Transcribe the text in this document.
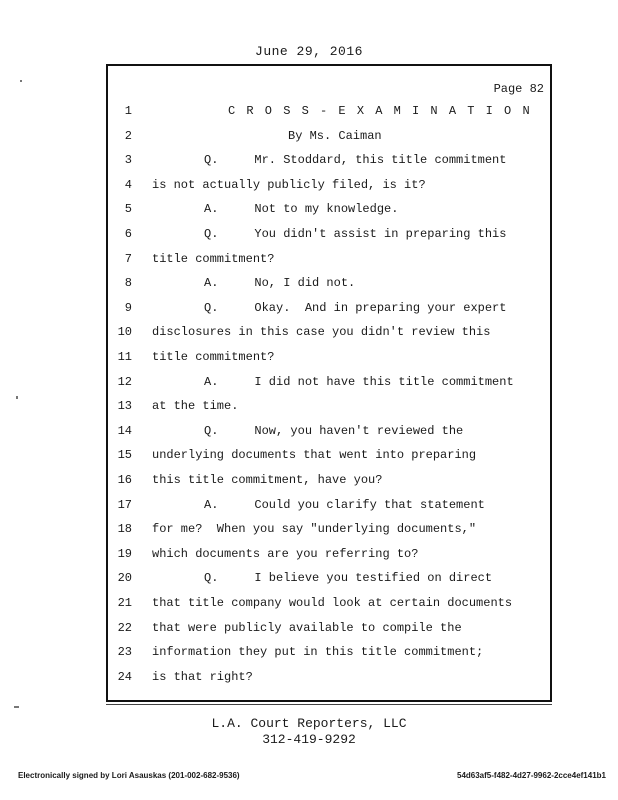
June 29, 2016
Page 82
1	C R O S S - E X A M I N A T I O N
2	By Ms. Caiman
3	Q.     Mr. Stoddard, this title commitment
4 is not actually publicly filed, is it?
5	A.     Not to my knowledge.
6	Q.     You didn't assist in preparing this
7 title commitment?
8	A.     No, I did not.
9	Q.     Okay.  And in preparing your expert
10 disclosures in this case you didn't review this
11 title commitment?
12	A.     I did not have this title commitment
13 at the time.
14	Q.     Now, you haven't reviewed the
15 underlying documents that went into preparing
16 this title commitment, have you?
17	A.     Could you clarify that statement
18 for me?  When you say "underlying documents,"
19 which documents are you referring to?
20	Q.     I believe you testified on direct
21 that title company would look at certain documents
22 that were publicly available to compile the
23 information they put in this title commitment;
24 is that right?
L.A. Court Reporters, LLC
312-419-9292
Electronically signed by Lori Asauskas (201-002-682-9536)	54d63af5-f482-4d27-9962-2cce4ef141b1
